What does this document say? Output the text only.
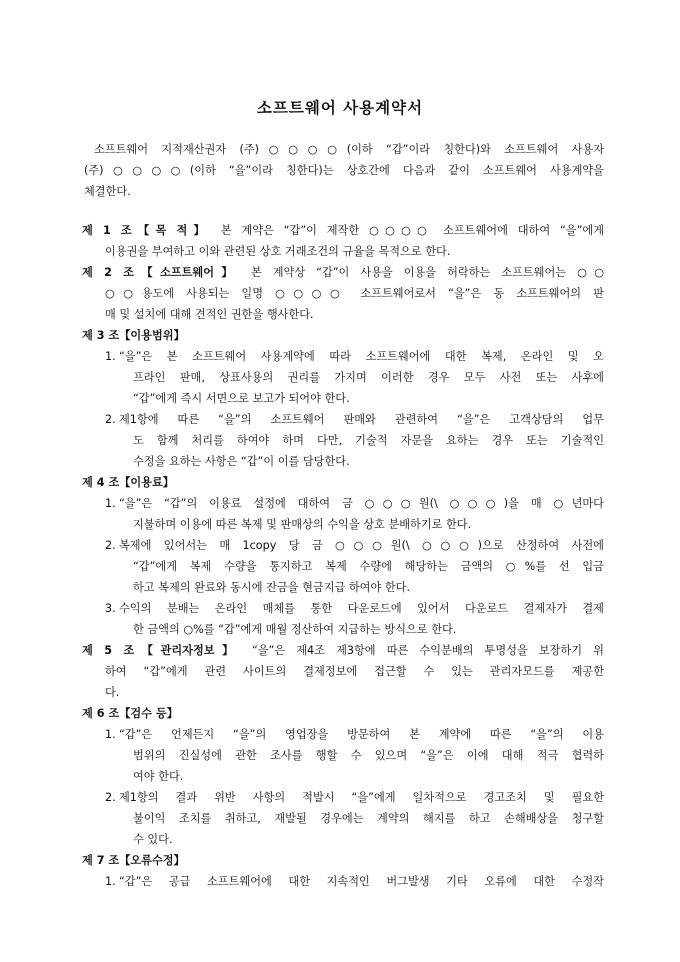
소프트웨어 사용계약서
소프트웨어 지적재산권자 (주)○○○○(이하 “갑”이라 칭한다)와 소프트웨어 사용자
(주)○○○○(이하 “을”이라 칭한다)는 상호간에 다음과 같이 소프트웨어 사용계약을
체결한다.
제 1 조【목 적】 본 계약은 “갑”이 제작한 ○○○○ 소프트웨어에 대하여 “을”에게
이용권을 부여하고 이와 관련된 상호 거래조건의 규율을 목적으로 한다.
제 2 조【소프트웨어】 본 계약상 “갑”이 사용을 이용을 허락하는 소프트웨어는 ○○
○○용도에 사용되는 일명 ○○○○ 소프트웨어로서 “을”은 동 소프트웨어의 판
매 및 설치에 대해 견적인 권한을 행사한다.
제 3 조【이용범위】
1. “을”은 본 소프트웨어 사용계약에 따라 소프트웨어에 대한 복제, 온라인 및 오
프라인 판매, 상표사용의 권리를 가지며 이러한 경우 모두 사전 또는 사후에
“갑”에게 즉시 서면으로 보고가 되어야 한다.
2. 제1항에 따른 “을”의 소프트웨어 판매와 관련하여 “을”은 고객상담의 업무
도 함께 처리를 하여야 하며 다만, 기술적 자문을 요하는 경우 또는 기술적인
수정을 요하는 사항은 “갑”이 이를 담당한다.
제 4 조【이용료】
1. “을”은 “갑”의 이용료 설정에 대하여 금 ○○○원(\ ○○○)을 매 ○년마다
지불하며 이용에 따른 복제 및 판매상의 수익을 상호 분배하기로 한다.
2. 복제에 있어서는 매 1copy 당 금 ○○○원(\ ○○○)으로 산정하여 사전에
“갑”에게 복제 수량을 통지하고 복제 수량에 해당하는 금액의 ○%를 선 입금
하고 복제의 완료와 동시에 잔금을 현금지급 하여야 한다.
3. 수익의 분배는 온라인 매체를 통한 다운로드에 있어서 다운로드 결제자가 결제
한 금액의 ○%를 “갑”에게 매월 정산하여 지급하는 방식으로 한다.
제 5 조【관리자정보】 “을”은 제4조 제3항에 따른 수익분배의 투명성을 보장하기 위
하여 “갑”에게 관련 사이트의 결제정보에 접근할 수 있는 관리자모드를 제공한
다.
제 6 조【검수 등】
1. “갑”은 언제든지 “을”의 영업장을 방문하여 본 계약에 따른 “을”의 이용
범위의 진실성에 관한 조사를 행할 수 있으며 “을”은 이에 대해 적극 협력하
여야 한다.
2. 제1항의 결과 위반 사항의 적발시 “을”에게 일차적으로 경고조치 및 필요한
불이익 조치를 취하고, 재발될 경우에는 계약의 해지를 하고 손해배상을 청구할
수 있다.
제 7 조【오류수정】
1. “갑”은 공급 소프트웨어에 대한 지속적인 버그발생 기타 오류에 대한 수정작
